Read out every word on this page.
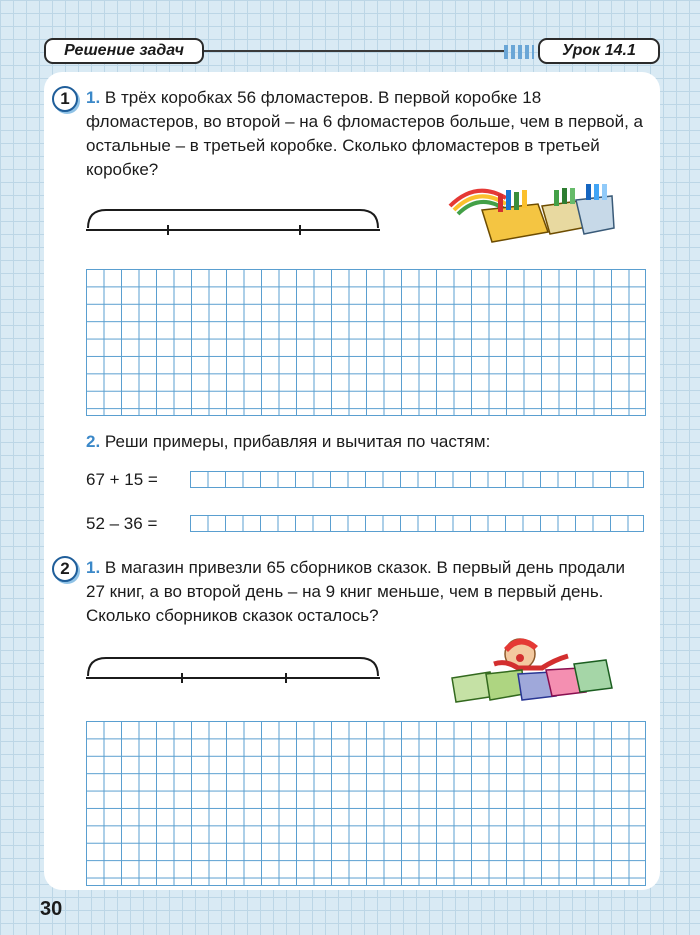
Решение задач	Урок 14.1
1 1. В трёх коробках 56 фломастеров. В первой коробке 18 фломастеров, во второй – на 6 фломастеров больше, чем в первой, а остальные – в третьей коробке. Сколько фломастеров в третьей коробке?
2. Реши примеры, прибавляя и вычитая по частям:
67 + 15 =
52 – 36 =
2 1. В магазин привезли 65 сборников сказок. В первый день продали 27 книг, а во второй день – на 9 книг меньше, чем в первый день. Сколько сборников сказок осталось?
30
